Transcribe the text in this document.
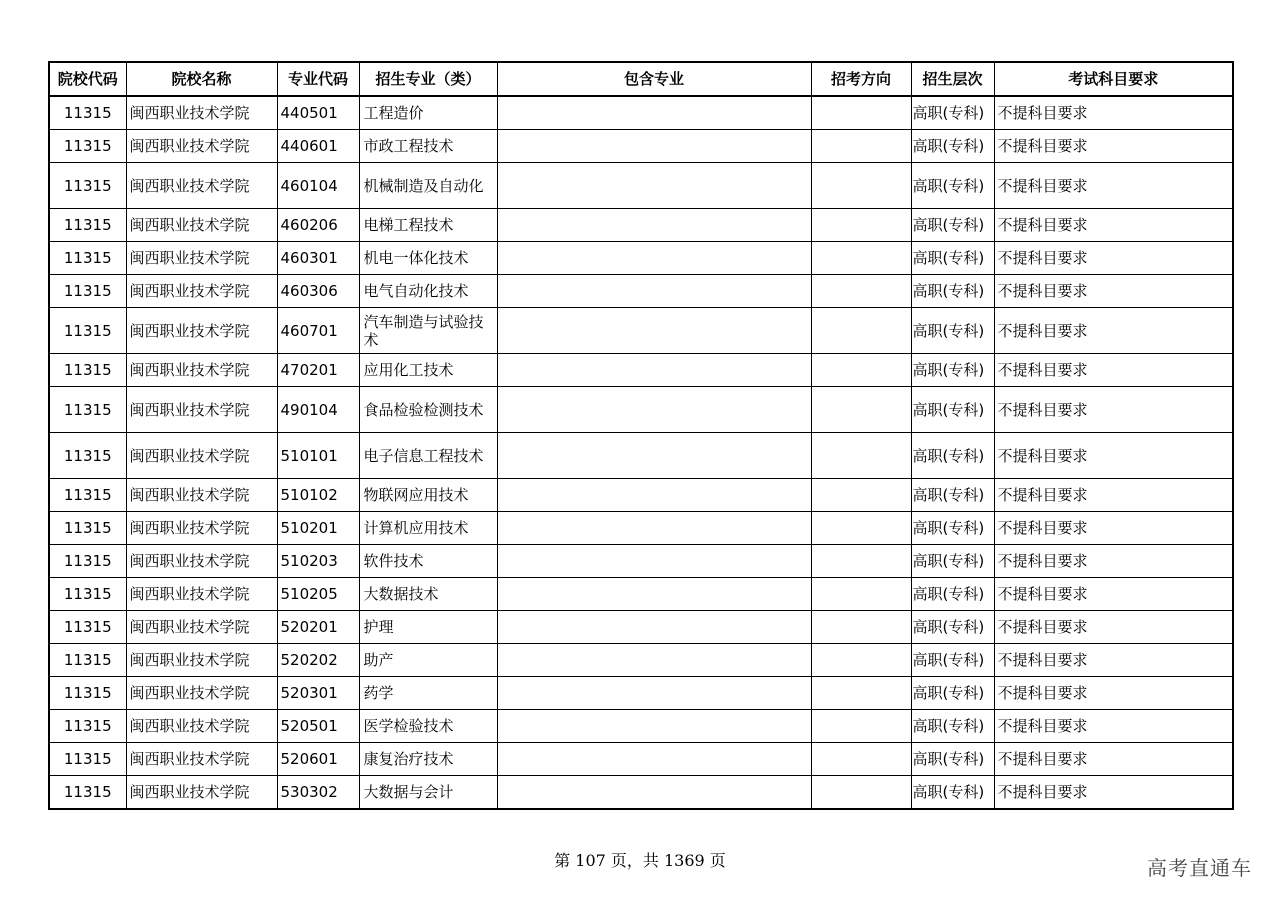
院校代码	院校名称	专业代码	招生专业（类）	包含专业	招考方向	招生层次	考试科目要求
11315	闽西职业技术学院	440501	工程造价			高职(专科)	不提科目要求
11315	闽西职业技术学院	440601	市政工程技术			高职(专科)	不提科目要求
11315	闽西职业技术学院	460104	机械制造及自动化			高职(专科)	不提科目要求
11315	闽西职业技术学院	460206	电梯工程技术			高职(专科)	不提科目要求
11315	闽西职业技术学院	460301	机电一体化技术			高职(专科)	不提科目要求
11315	闽西职业技术学院	460306	电气自动化技术			高职(专科)	不提科目要求
11315	闽西职业技术学院	460701	汽车制造与试验技术			高职(专科)	不提科目要求
11315	闽西职业技术学院	470201	应用化工技术			高职(专科)	不提科目要求
11315	闽西职业技术学院	490104	食品检验检测技术			高职(专科)	不提科目要求
11315	闽西职业技术学院	510101	电子信息工程技术			高职(专科)	不提科目要求
11315	闽西职业技术学院	510102	物联网应用技术			高职(专科)	不提科目要求
11315	闽西职业技术学院	510201	计算机应用技术			高职(专科)	不提科目要求
11315	闽西职业技术学院	510203	软件技术			高职(专科)	不提科目要求
11315	闽西职业技术学院	510205	大数据技术			高职(专科)	不提科目要求
11315	闽西职业技术学院	520201	护理			高职(专科)	不提科目要求
11315	闽西职业技术学院	520202	助产			高职(专科)	不提科目要求
11315	闽西职业技术学院	520301	药学			高职(专科)	不提科目要求
11315	闽西职业技术学院	520501	医学检验技术			高职(专科)	不提科目要求
11315	闽西职业技术学院	520601	康复治疗技术			高职(专科)	不提科目要求
11315	闽西职业技术学院	530302	大数据与会计			高职(专科)	不提科目要求
第 107 页，共 1369 页	高考直通车
